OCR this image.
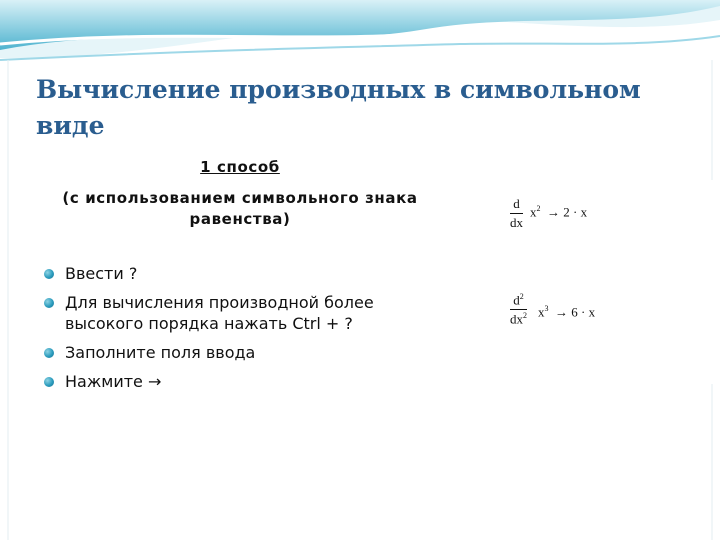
Вычисление производных в символьном виде
1 способ
(с использованием символьного знака равенства)
Ввести ?
Для вычисления производной более высокого порядка нажать Ctrl + ?
Заполните поля ввода
Нажмите →
$\frac{d}{dx} x^2 \to 2 \cdot x$
$\frac{d^2}{dx^2} x^3 \to 6 \cdot x$
